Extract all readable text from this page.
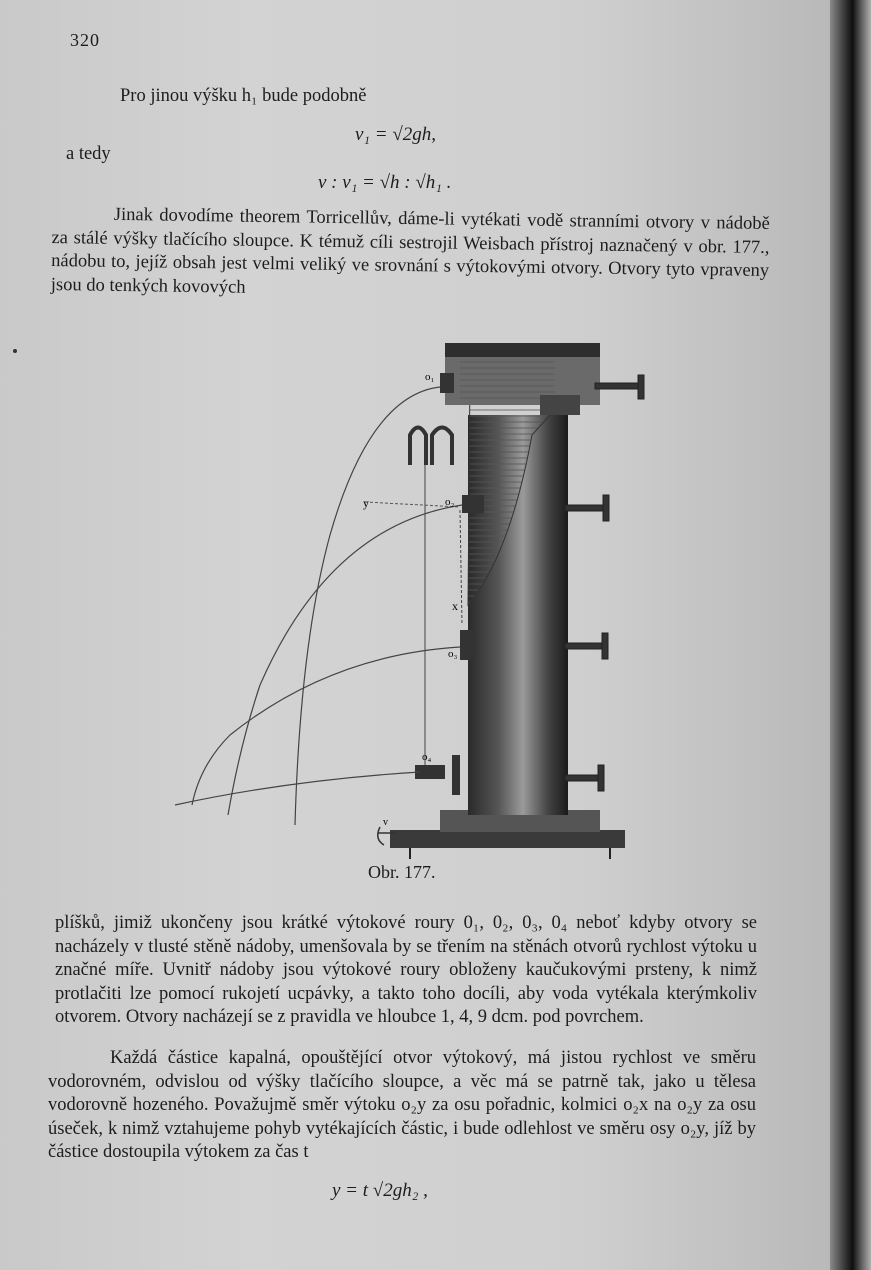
320
Pro jinou výšku h₁ bude podobně
a tedy
v₁ = √2gh,
v : v₁ = √h : √h₁ .
Jinak dovodíme theorem Torricellův, dáme-li vytékati vodě stranními otvory v nádobě za stálé výšky tlačícího sloupce. K témuž cíli sestrojil Weisbach přístroj naznačený v obr. 177., nádobu to, jejíž obsah jest velmi veliký ve srovnání s výtokovými otvory. Otvory tyto vpraveny jsou do tenkých kovových
o₁
o₂
o₃
o₄
y
x
v
Obr. 177.
plíšků, jimiž ukončeny jsou krátké výtokové roury 0₁, 0₂, 0₃, 0₄ neboť kdyby otvory se nacházely v tlusté stěně nádoby, umenšovala by se třením na stěnách otvorů rychlost výtoku u značné míře. Uvnitř nádoby jsou výtokové roury obloženy kaučukovými prsteny, k nimž protlačiti lze pomocí rukojetí ucpávky, a takto toho docíli, aby voda vytékala kterýmkoliv otvorem. Otvory nacházejí se z pravidla ve hloubce 1, 4, 9 dcm. pod povrchem.
Každá částice kapalná, opouštějící otvor výtokový, má jistou rychlost ve směru vodorovném, odvislou od výšky tlačícího sloupce, a věc má se patrně tak, jako u tělesa vodorovně hozeného. Považujmě směr výtoku o₂y za osu pořadnic, kolmici o₂x na o₂y za osu úseček, k nimž vztahujeme pohyb vytékajících částic, i bude odlehlost ve směru osy o₂y, jíž by částice dostoupila výtokem za čas t
y = t √2gh₂ ,
